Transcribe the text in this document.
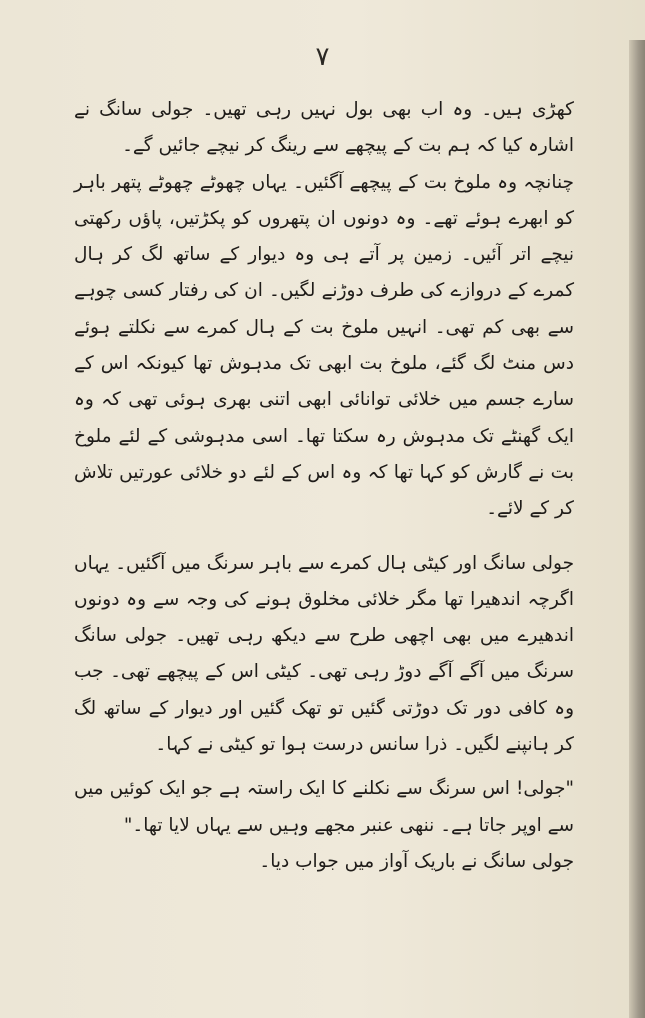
۷

کھڑی ہیں۔ وہ اب بھی بول نہیں رہی تھیں۔ جولی سانگ نے اشارہ کیا کہ ہم بت کے پیچھے سے رینگ کر نیچے جائیں گے۔

چنانچہ وہ ملوخ بت کے پیچھے آگئیں۔ یہاں چھوٹے چھوٹے پتھر باہر کو ابھرے ہوئے تھے۔ وہ دونوں ان پتھروں کو پکڑتیں، پاؤں رکھتی نیچے اتر آئیں۔ زمین پر آتے ہی وہ دیوار کے ساتھ لگ کر ہال کمرے کے دروازے کی طرف دوڑنے لگیں۔ ان کی رفتار کسی چوہے سے بھی کم تھی۔ انہیں ملوخ بت کے ہال کمرے سے نکلتے ہوئے دس منٹ لگ گئے، ملوخ بت ابھی تک مدہوش تھا کیونکہ اس کے سارے جسم میں خلائی توانائی ابھی اتنی بھری ہوئی تھی کہ وہ ایک گھنٹے تک مدہوش رہ سکتا تھا۔ اسی مدہوشی کے لئے ملوخ بت نے گارش کو کہا تھا کہ وہ اس کے لئے دو خلائی عورتیں تلاش کر کے لائے۔

جولی سانگ اور کیٹی ہال کمرے سے باہر سرنگ میں آگئیں۔ یہاں اگرچہ اندھیرا تھا مگر خلائی مخلوق ہونے کی وجہ سے وہ دونوں اندھیرے میں بھی اچھی طرح سے دیکھ رہی تھیں۔ جولی سانگ سرنگ میں آگے آگے دوڑ رہی تھی۔ کیٹی اس کے پیچھے تھی۔ جب وہ کافی دور تک دوڑتی گئیں تو تھک گئیں اور دیوار کے ساتھ لگ کر ہانپنے لگیں۔ ذرا سانس درست ہوا تو کیٹی نے کہا۔

"جولی! اس سرنگ سے نکلنے کا ایک راستہ ہے جو ایک کوئیں میں سے اوپر جاتا ہے۔ ننھی عنبر مجھے وہیں سے یہاں لایا تھا۔"

جولی سانگ نے باریک آواز میں جواب دیا۔
